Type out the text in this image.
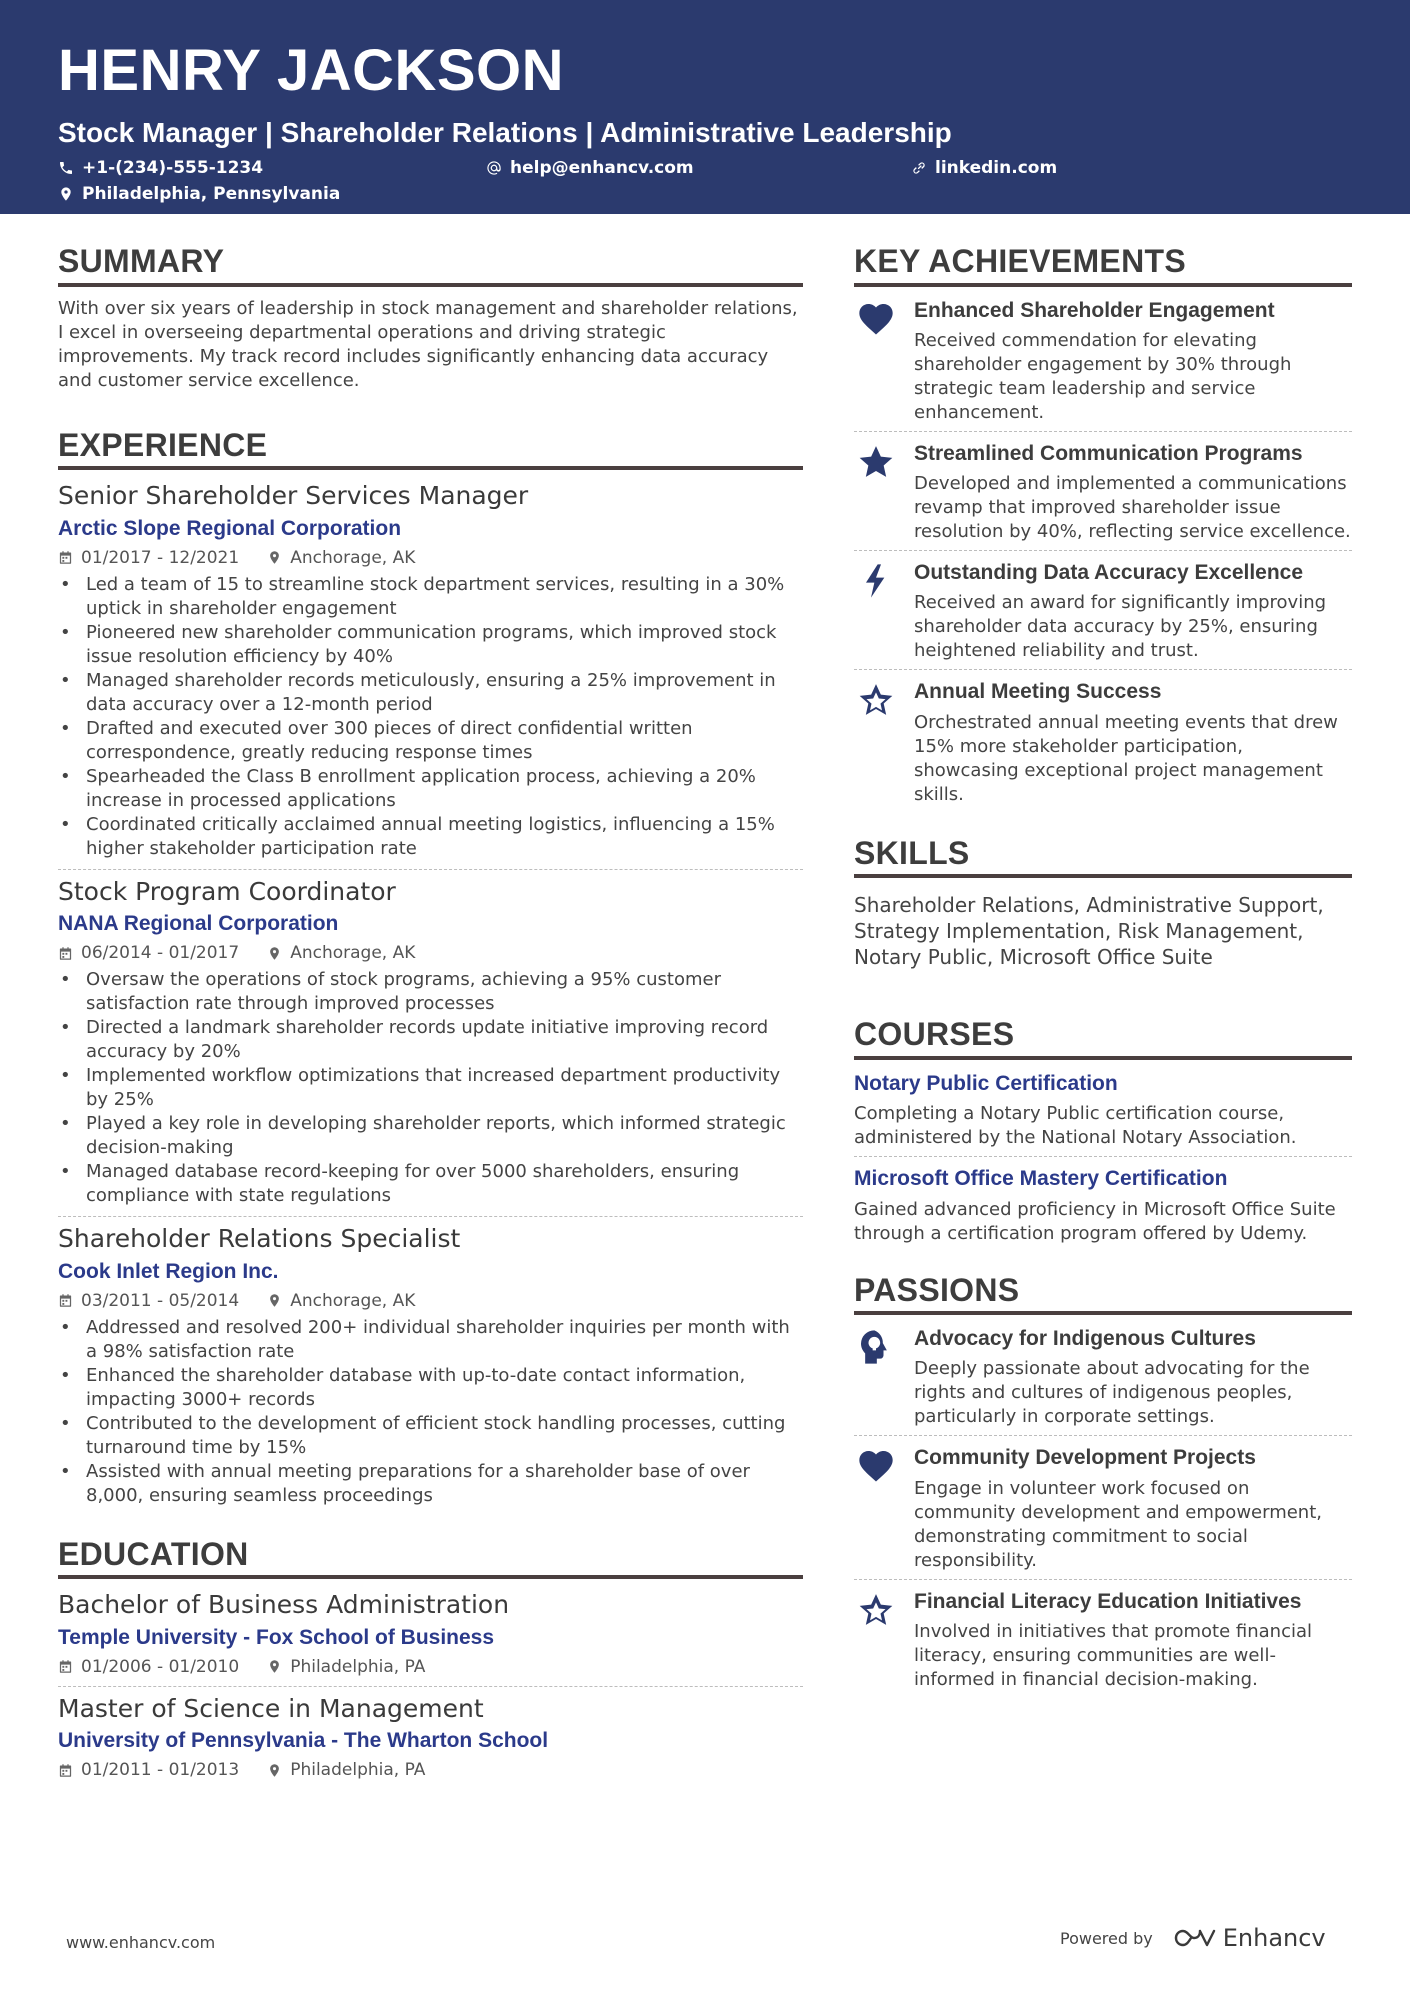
HENRY JACKSON
Stock Manager | Shareholder Relations | Administrative Leadership
+1-(234)-555-1234	help@enhancv.com	linkedin.com
Philadelphia, Pennsylvania
SUMMARY

With over six years of leadership in stock management and shareholder relations, I excel in overseeing departmental operations and driving strategic improvements. My track record includes significantly enhancing data accuracy and customer service excellence.

EXPERIENCE
Senior Shareholder Services Manager
Arctic Slope Regional Corporation
01/2017 - 12/2021	Anchorage, AK
• Led a team of 15 to streamline stock department services, resulting in a 30% uptick in shareholder engagement
• Pioneered new shareholder communication programs, which improved stock issue resolution efficiency by 40%
• Managed shareholder records meticulously, ensuring a 25% improvement in data accuracy over a 12-month period
• Drafted and executed over 300 pieces of direct confidential written correspondence, greatly reducing response times
• Spearheaded the Class B enrollment application process, achieving a 20% increase in processed applications
• Coordinated critically acclaimed annual meeting logistics, influencing a 15% higher stakeholder participation rate
Stock Program Coordinator
NANA Regional Corporation
06/2014 - 01/2017	Anchorage, AK
• Oversaw the operations of stock programs, achieving a 95% customer satisfaction rate through improved processes
• Directed a landmark shareholder records update initiative improving record accuracy by 20%
• Implemented workflow optimizations that increased department productivity by 25%
• Played a key role in developing shareholder reports, which informed strategic decision-making
• Managed database record-keeping for over 5000 shareholders, ensuring compliance with state regulations
Shareholder Relations Specialist
Cook Inlet Region Inc.
03/2011 - 05/2014	Anchorage, AK
• Addressed and resolved 200+ individual shareholder inquiries per month with a 98% satisfaction rate
• Enhanced the shareholder database with up-to-date contact information, impacting 3000+ records
• Contributed to the development of efficient stock handling processes, cutting turnaround time by 15%
• Assisted with annual meeting preparations for a shareholder base of over 8,000, ensuring seamless proceedings
EDUCATION
Bachelor of Business Administration
Temple University - Fox School of Business
01/2006 - 01/2010	Philadelphia, PA
Master of Science in Management
University of Pennsylvania - The Wharton School
01/2011 - 01/2013	Philadelphia, PA
KEY ACHIEVEMENTS
Enhanced Shareholder Engagement
Received commendation for elevating shareholder engagement by 30% through strategic team leadership and service enhancement.
Streamlined Communication Programs
Developed and implemented a communications revamp that improved shareholder issue resolution by 40%, reflecting service excellence.
Outstanding Data Accuracy Excellence
Received an award for significantly improving shareholder data accuracy by 25%, ensuring heightened reliability and trust.
Annual Meeting Success
Orchestrated annual meeting events that drew 15% more stakeholder participation, showcasing exceptional project management skills.
SKILLS

Shareholder Relations, Administrative Support, Strategy Implementation, Risk Management, Notary Public, Microsoft Office Suite

COURSES
Notary Public Certification
Completing a Notary Public certification course, administered by the National Notary Association.
Microsoft Office Mastery Certification
Gained advanced proficiency in Microsoft Office Suite through a certification program offered by Udemy.
PASSIONS
Advocacy for Indigenous Cultures
Deeply passionate about advocating for the rights and cultures of indigenous peoples, particularly in corporate settings.
Community Development Projects
Engage in volunteer work focused on community development and empowerment, demonstrating commitment to social responsibility.
Financial Literacy Education Initiatives
Involved in initiatives that promote financial literacy, ensuring communities are well-informed in financial decision-making.
www.enhancv.com	Powered by	Enhancv
